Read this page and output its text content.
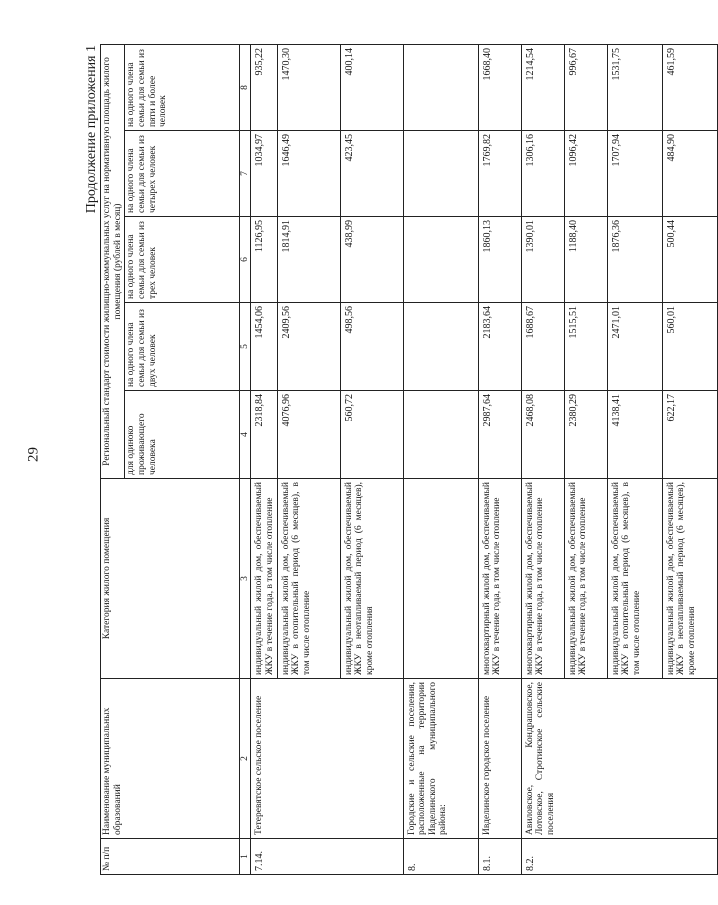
29
Продолжение приложения 1
№ п/п	Наименование муниципальных образований	Категория жилого помещения	Региональный стандарт стоимости жилищно-коммунальных услуг на нормативную площадь жилого помещения (рублей в месяц)				
			для одиноко проживающего человека	на одного члена семьи для семьи из двух человек	на одного члена семьи для семьи из трех человек	на одного члена семьи для семьи из четырех человек	на одного члена семьи для семьи из пяти и более человек
1	2	3	4	5	6	7	8
7.14.	Тетеревятское сельское поселение	индивидуальный жилой дом, обеспечиваемый ЖКУ в течение года, в том числе отопление	2318,84	1454,06	1126,95	1034,97	935,22
		индивидуальный жилой дом, обеспечиваемый ЖКУ в отопительный период (6 месяцев), в том числе отопление	4076,96	2409,56	1814,91	1646,49	1470,30
		индивидуальный жилой дом, обеспечиваемый ЖКУ в неотапливаемый период (6 месяцев), кроме отопления	560,72	498,56	438,99	423,45	400,14
8.	Городские и сельские поселения, расположенные на территории Ивделинского муниципального района:						
8.1.	Ивделинское городское поселение	многоквартирный жилой дом, обеспечиваемый ЖКУ в течение года, в том числе отопление	2987,64	2183,64	1860,13	1769,82	1668,40
8.2.	Авиловское, Кондрашовское, Лотовское, Стротинское сельские поселения	многоквартирный жилой дом, обеспечиваемый ЖКУ в течение года, в том числе отопление	2468,08	1688,67	1390,01	1306,16	1214,54
		индивидуальный жилой дом, обеспечиваемый ЖКУ в течение года, в том числе отопление	2380,29	1515,51	1188,40	1096,42	996,67
		индивидуальный жилой дом, обеспечиваемый ЖКУ в отопительный период (6 месяцев), в том числе отопление	4138,41	2471,01	1876,36	1707,94	1531,75
		индивидуальный жилой дом, обеспечиваемый ЖКУ в неотапливаемый период (6 месяцев), кроме отопления	622,17	560,01	500,44	484,90	461,59
